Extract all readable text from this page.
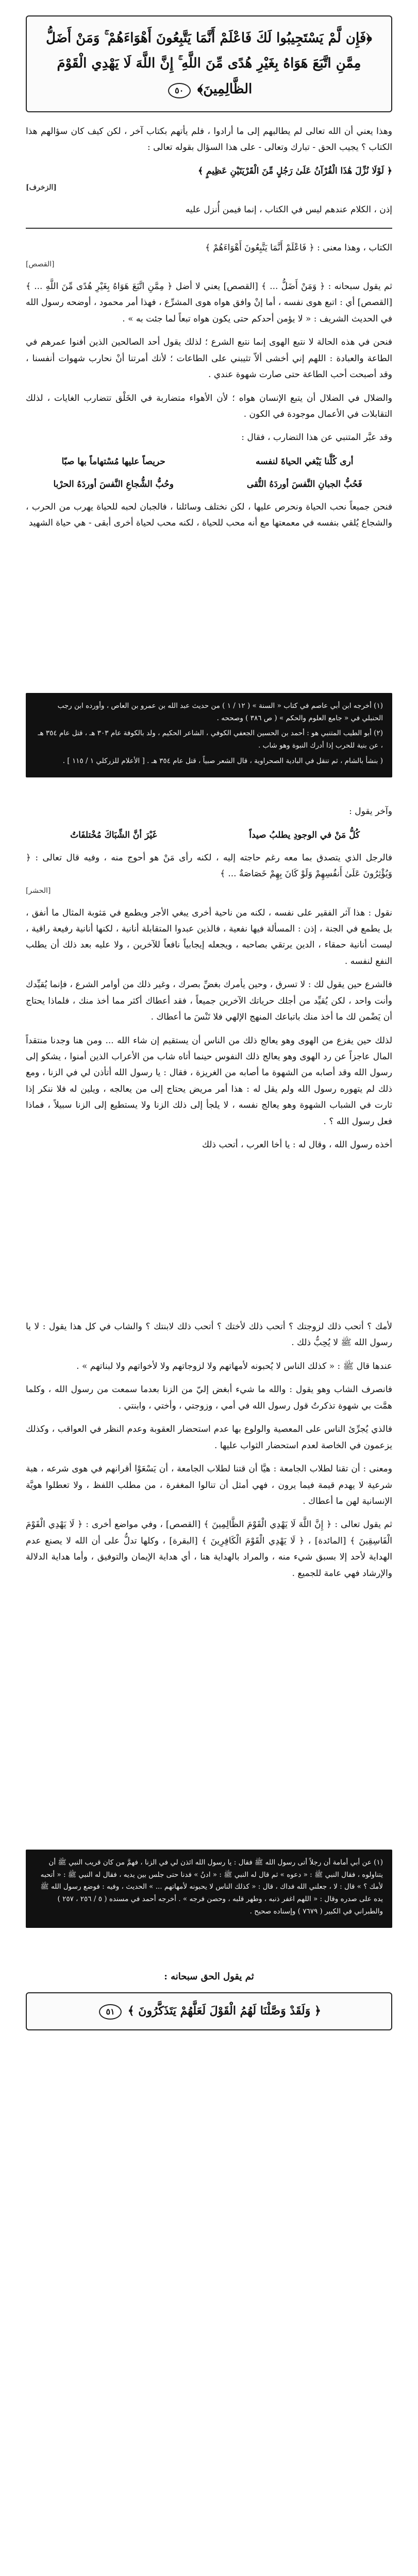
﴿فَإِن لَّمْ يَسْتَجِيبُوا لَكَ فَاعْلَمْ أَنَّمَا يَتَّبِعُونَ أَهْوَاءَهُمْ ۚ وَمَنْ أَضَلُّ مِمَّنِ اتَّبَعَ هَوَاهُ بِغَيْرِ هُدًى مِّنَ اللَّهِ ۚ إِنَّ اللَّهَ لَا يَهْدِي الْقَوْمَ الظَّالِمِينَ﴾ ٥٠

وهذا يعني أن الله تعالى لم يطالبهم إلى ما أرادوا ، فلم يأتهم بكتاب آخر ، لكن كيف كان سؤالهم هذا الكتاب ؟ يجيب الحق - تبارك وتعالى - على هذا السؤال بقوله تعالى :

﴿ لَوْلَا نُزِّلَ هَٰذَا الْقُرْآنُ عَلَىٰ رَجُلٍ مِّنَ الْقَرْيَتَيْنِ عَظِيمٍ ﴾
[الزخرف]

إذن ، الكلام عندهم ليس في الكتاب ، إنما فيمن أُنزل عليه

الكتاب ، وهذا معنى : ﴿ فَاعْلَمْ أَنَّمَا يَتَّبِعُونَ أَهْوَاءَهُمْ ﴾
[القصص]

ثم يقول سبحانه : ﴿ وَمَنْ أَضَلُّ ... ﴾ [القصص] يعني لا أضل ﴿ مِمَّنِ اتَّبَعَ هَوَاهُ بِغَيْرِ هُدًى مِّنَ اللَّهِ ... ﴾ [القصص] أي : اتبع هوى نفسه ، أما إنْ وافق هواه هوى المشرِّع ، فهذا أمر محمود ، أوضحه رسول الله في الحديث الشريف : « لا يؤمن أحدكم حتى يكون هواه تبعاً لما جئت به » .

فنحن في هذه الحالة لا نتبع الهوى إنما نتبع الشرع ؛ لذلك يقول أحد الصالحين الذين أفنوا عمرهم في الطاعة والعبادة : اللهم إني أخشى ألاّ تثيبني على الطاعات ؛ لأنك أمرتنا أنْ نحارب شهوات أنفسنا ، وقد أصبحت أحب الطاعة حتى صارت شهوة عندي .

والضلال في الضلال أن يتبع الإنسان هواه ؛ لأن الأهواء متضاربة في الخَلْق تتضارب الغايات ، لذلك التقابلات في الأعمال موجودة في الكون .

وقد عبَّر المتنبي عن هذا التضارب ، فقال :

أرى كُلَّنا يَبْغي الحياةَ لنفسه
حريصاً عليها مُسْتهاماً بها صبّا
فَحُبُّ الجبانِ النَّفسَ أوردَهُ التُّقى
وحُبُّ الشُّجاعِ النَّفسَ أوردَهُ الحرْبا

فنحن جميعاً نحب الحياة ونحرص عليها ، لكن نختلف وسائلنا ، فالجبان لحبه للحياة يهرب من الحرب ، والشجاع يُلقي بنفسه في معمعتها مع أنه محب للحياة ، لكنه محب لحياة أخرى أبقى - هي حياة الشهيد

(١) أخرجه ابن أبي عاصم في كتاب « السنة » ( ١٢ / ١ ) من حديث عبد الله بن عمرو بن العاص ، وأورده ابن رجب الحنبلي في « جامع العلوم والحكم » ( ص ٣٨٦ ) وصححه .

(٢) أبو الطيب المتنبي هو : أحمد بن الحسين الجعفي الكوفي ، الشاعر الحكيم ، ولد بالكوفة عام ٣٠٣ هـ ، قتل عام ٣٥٤ هـ ، عن بنية للحرب إذا أدرك النبوة وهو شاب .

( بنشأ بالشام ، ثم تنقل في البادية الصحراوية ، قال الشعر صبياً ، قتل عام ٣٥٤ هـ . [ الأعلام للزركلي ١ / ١١٥ ] .

وآخر يقول :

كُلُّ مَنْ في الوجودِ يطلبُ صيداً
غَيْرَ أنَّ الشِّبَاكَ مُخْتلفَاتُ

فالرجل الذي يتصدق بما معه رغم حاجته إليه ، لكنه رأى مَنْ هو أحوج منه ، وفيه قال تعالى : ﴿ وَيُؤْثِرُونَ عَلَىٰ أَنفُسِهِمْ وَلَوْ كَانَ بِهِمْ خَصَاصَةٌ ... ﴾
[الحشر]

نقول : هذا آثر الفقير على نفسه ، لكنه من ناحية أخرى يبغي الأجر ويطمع في مَثوبة المثال ما أنفق ، بل يطمع في الجنة ، إذن : المسألة فيها نفعية ، فالذين عبدوا المتقابلة أنانية ، لكنها أنانية رفيعة راقية ، ليست أنانية حمقاء ، الدين يرتقي بصاحبه ، ويجعله إيجابياً نافعاً للآخرين ، ولا عليه بعد ذلك أن يطلب النفع لنفسه .

فالشرع حين يقول لك : لا تسرق ، وحين يأمرك بغضِّ بصرك ، وغير ذلك من أوامر الشرع ، فإنما يُقيِّدك وأنت واحد ، لكن يُقيِّد من أجلك حرياتك الآخرين جميعاً ، فقد أعطاك أكثر مما أخذ منك ، فلماذا يحتاج أن يَضْمن لك ما أخذ منك باتباعك المنهج الإلهي فلا تَنْسَ ما أعطاك .

لذلك حين يفزع من الهوى وهو يعالج ذلك من الناس أن يستقيم إن شاء الله ... ومن هنا وجدنا منتقداً المال عاجزاً عن رد الهوى وهو يعالج ذلك النفوس حينما أتاه شاب من الأعراب الذين أمنوا ، يشكو إلى رسول الله وقد أصابه من الشهوة ما أصابه من الغريزة ، فقال : يا رسول الله أتأذن لي في الزنا ، ومع ذلك لم يتهوره رسول الله ولم يقل له : هذا أمر مريض يحتاج إلى من يعالجه ، ويلين له فلا ننكر إذا ثارت في الشباب الشهوة وهو يعالج نفسه ، لا يلجأ إلى ذلك الزنا ولا يستطيع إلى الزنا سبيلاً ، فماذا فعل رسول الله ؟ .

أخذه رسول الله ، وقال له : يا أخا العرب ، أتحب ذلك

لأمك ؟ أتحب ذلك لزوجتك ؟ أتحب ذلك لأختك ؟ أتحب ذلك لابنتك ؟ والشاب في كل هذا يقول : لا يا رسول الله ﷺ لا يُحِبُّ ذلك .

عندها قال ﷺ : « كذلك الناس لا يُحبونه لأمهاتهم ولا لزوجاتهم ولا لأخواتهم ولا لبناتهم » .

فانصرف الشاب وهو يقول : والله ما شيء أبغض إليّ من الزنا بعدما سمعت من رسول الله ، وكلما همَّت بي شهوة تذكرتُ قول رسول الله في أمي ، وزوجتي ، وأختي ، وابنتي .

فالذي يُجرِّئ الناس على المعصية والولوع بها عدم استحضار العقوبة وعدم النظر في العواقب ، وكذلك يزعمون في الخاصة لعدم استحضار الثواب عليها .

ومعنى : أن تقنا لطلاب الجامعة : هيَّا أن قتنا لطلاب الجامعة ، أن يَسْعَوْا أقرانهم في هوى شرعه ، هبة شرعية لا يهدم قيمة فيما يرون ، فهي أمثل أن تنالوا المغفرة ، من مطلب اللفظ ، ولا تعطلوا هويَّة الإنسانية لهن ما أعطاك .

ثم يقول تعالى : ﴿ إِنَّ اللَّهَ لَا يَهْدِي الْقَوْمَ الظَّالِمِينَ ﴾ [القصص] ، وفي مواضع أخرى : ﴿ لَا يَهْدِي الْقَوْمَ الْفَاسِقِينَ ﴾ [المائدة] ، ﴿ لَا يَهْدِي الْقَوْمَ الْكَافِرِينَ ﴾ [البقرة] ، وكلها تدلُّ على أن الله لا يصنع عدم الهداية لأحد إلا بسبق شيء منه ، والمراد بالهداية هنا ، أي هداية الإيمان والتوفيق ، وأما هداية الدلالة والإرشاد فهي عامة للجميع .

(١) عن أبي أمامة أن رجلاً أتى رسول الله ﷺ فقال : يا رسول الله ائذن لي في الزنا ، فهمَّ من كان قريب النبي ﷺ أن يتناولوه ، فقال النبي ﷺ : « دعوه » ثم قال له النبي ﷺ : « ادنُ » فدنا حتى جلس بين يديه ، فقال له النبي ﷺ : « أتحبه لأمك ؟ » قال : لا ، جعلني الله فداك ، قال : « كذلك الناس لا يحبونه لأمهاتهم ... » الحديث ، وفيه : فوضع رسول الله ﷺ يده على صدره وقال : « اللهم اغفر ذنبه ، وطهر قلبه ، وحصن فرجه » . أخرجه أحمد في مسنده ( ٥ / ٢٥٦ ، ٢٥٧ ) والطبراني في الكبير ( ٧٦٧٩ ) وإسناده صحيح .

ثم يقول الحق سبحانه :

﴿ وَلَقَدْ وَصَّلْنَا لَهُمُ الْقَوْلَ لَعَلَّهُمْ يَتَذَكَّرُونَ ﴾ ٥١
